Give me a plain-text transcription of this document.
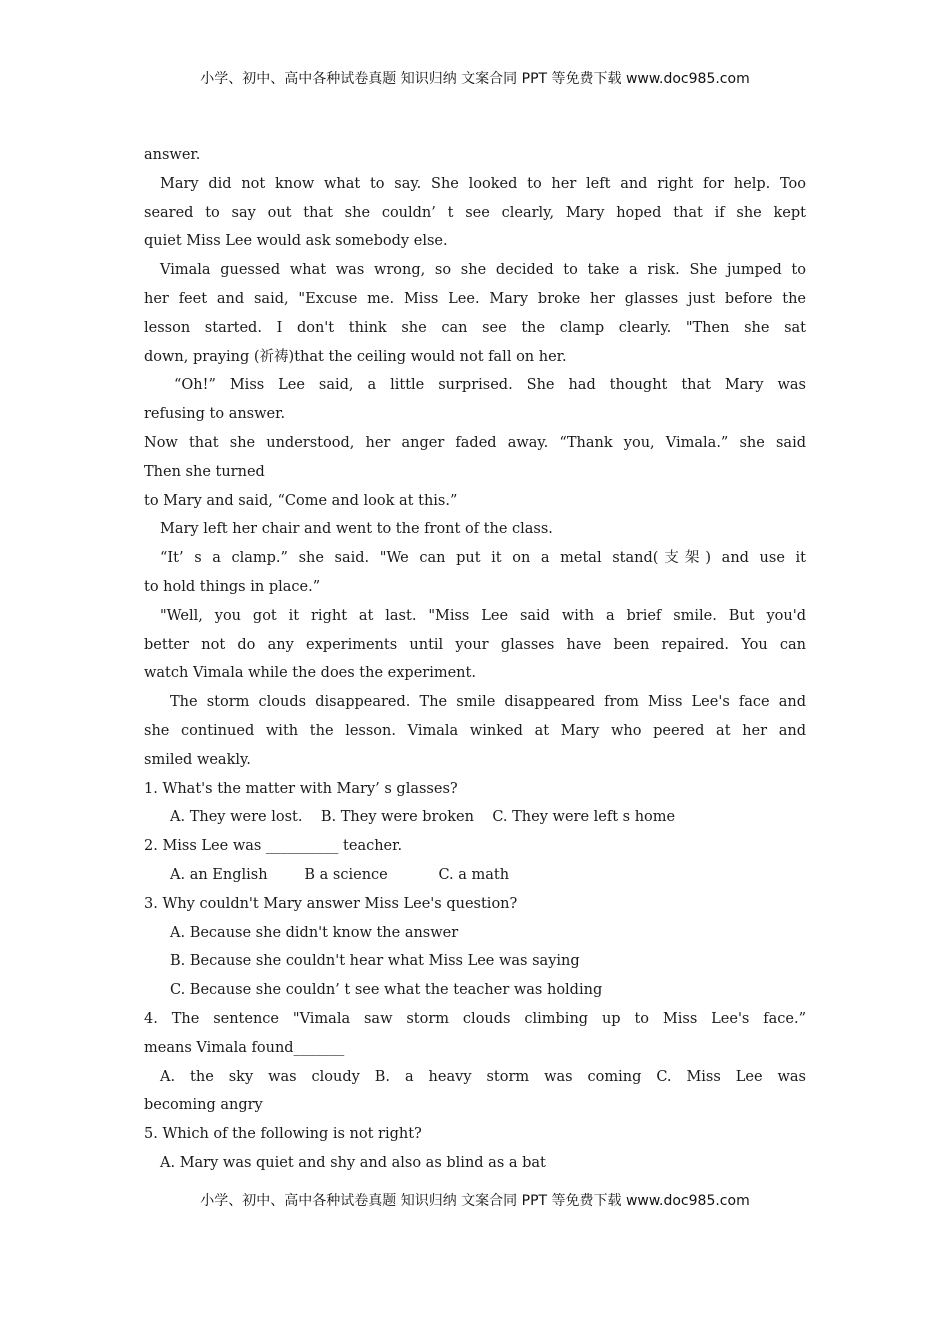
小学、初中、高中各种试卷真题 知识归纳 文案合同 PPT 等免费下载 www.doc985.com
answer.
Mary did not know what to say. She looked to her left and right for help. Too
seared to say out that she couldn’ t see clearly, Mary hoped that if she kept
quiet Miss Lee would ask somebody else.
Vimala guessed what was wrong, so she decided to take a risk. She jumped to
her feet and said, "Excuse me. Miss Lee. Mary broke her glasses just before the
lesson started. I don't think she can see the clamp clearly. "Then she sat
down, praying (祈祷)that the ceiling would not fall on her.
“Oh!” Miss Lee said, a little surprised. She had thought that Mary was
refusing to answer.
Now that she understood, her anger faded away. “Thank you, Vimala.” she said
Then she turned
to Mary and said, “Come and look at this.”
Mary left her chair and went to the front of the class.
“It’ s a clamp.” she said. "We can put it on a metal stand(支架) and use it
to hold things in place.”
"Well, you got it right at last. "Miss Lee said with a brief smile. But you'd
better not do any experiments until your glasses have been repaired. You can
watch Vimala while the does the experiment.
The storm clouds disappeared. The smile disappeared from Miss Lee's face and
she continued with the lesson. Vimala winked at Mary who peered at her and
smiled weakly.
1. What's the matter with Mary’ s glasses?
A. They were lost.    B. They were broken    C. They were left s home
2. Miss Lee was __________ teacher.
A. an English        B a science           C. a math
3. Why couldn't Mary answer Miss Lee's question?
A. Because she didn't know the answer
B. Because she couldn't hear what Miss Lee was saying
C. Because she couldn’ t see what the teacher was holding
4. The sentence "Vimala saw storm clouds climbing up to Miss Lee's face.”
means Vimala found_______
A. the sky was cloudy B. a heavy storm was coming C. Miss Lee was
becoming angry
5. Which of the following is not right?
A. Mary was quiet and shy and also as blind as a bat
小学、初中、高中各种试卷真题 知识归纳 文案合同 PPT 等免费下载 www.doc985.com
